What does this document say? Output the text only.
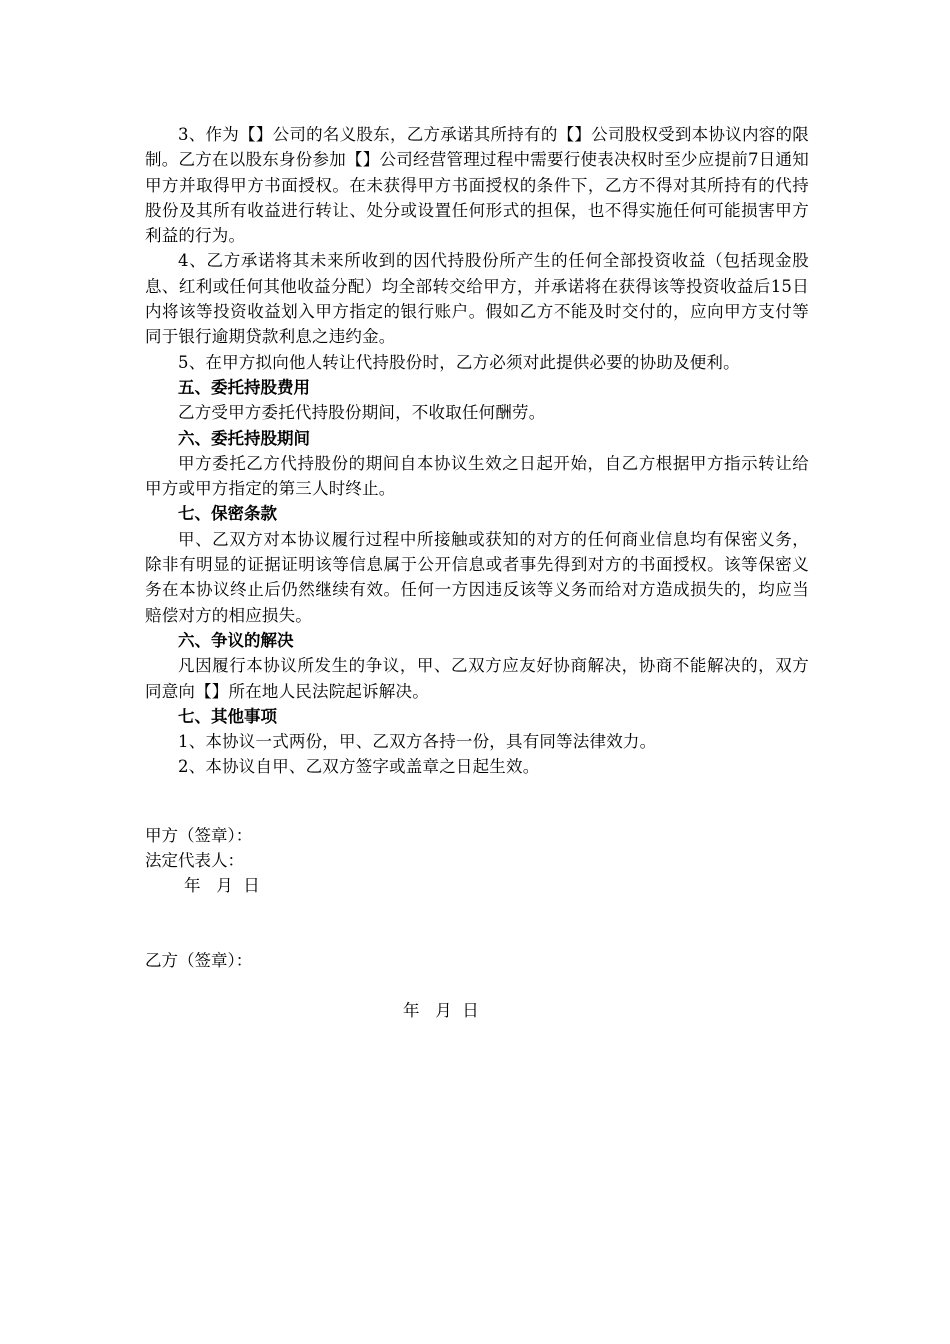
3、作为【】公司的名义股东，乙方承诺其所持有的【】公司股权受到本协议内容的限制。乙方在以股东身份参加【】公司经营管理过程中需要行使表决权时至少应提前7日通知甲方并取得甲方书面授权。在未获得甲方书面授权的条件下，乙方不得对其所持有的代持股份及其所有收益进行转让、处分或设置任何形式的担保，也不得实施任何可能损害甲方利益的行为。

4、乙方承诺将其未来所收到的因代持股份所产生的任何全部投资收益（包括现金股息、红利或任何其他收益分配）均全部转交给甲方，并承诺将在获得该等投资收益后15日内将该等投资收益划入甲方指定的银行账户。假如乙方不能及时交付的，应向甲方支付等同于银行逾期贷款利息之违约金。

5、在甲方拟向他人转让代持股份时，乙方必须对此提供必要的协助及便利。

五、委托持股费用

乙方受甲方委托代持股份期间，不收取任何酬劳。

六、委托持股期间

甲方委托乙方代持股份的期间自本协议生效之日起开始，自乙方根据甲方指示转让给甲方或甲方指定的第三人时终止。

七、保密条款

甲、乙双方对本协议履行过程中所接触或获知的对方的任何商业信息均有保密义务，除非有明显的证据证明该等信息属于公开信息或者事先得到对方的书面授权。该等保密义务在本协议终止后仍然继续有效。任何一方因违反该等义务而给对方造成损失的，均应当赔偿对方的相应损失。

六、争议的解决

凡因履行本协议所发生的争议，甲、乙双方应友好协商解决，协商不能解决的，双方同意向【】所在地人民法院起诉解决。

七、其他事项

1、本协议一式两份，甲、乙双方各持一份，具有同等法律效力。

2、本协议自甲、乙双方签字或盖章之日起生效。

甲方（签章）：
法定代表人：
年   月  日
乙方（签章）：
年   月  日
